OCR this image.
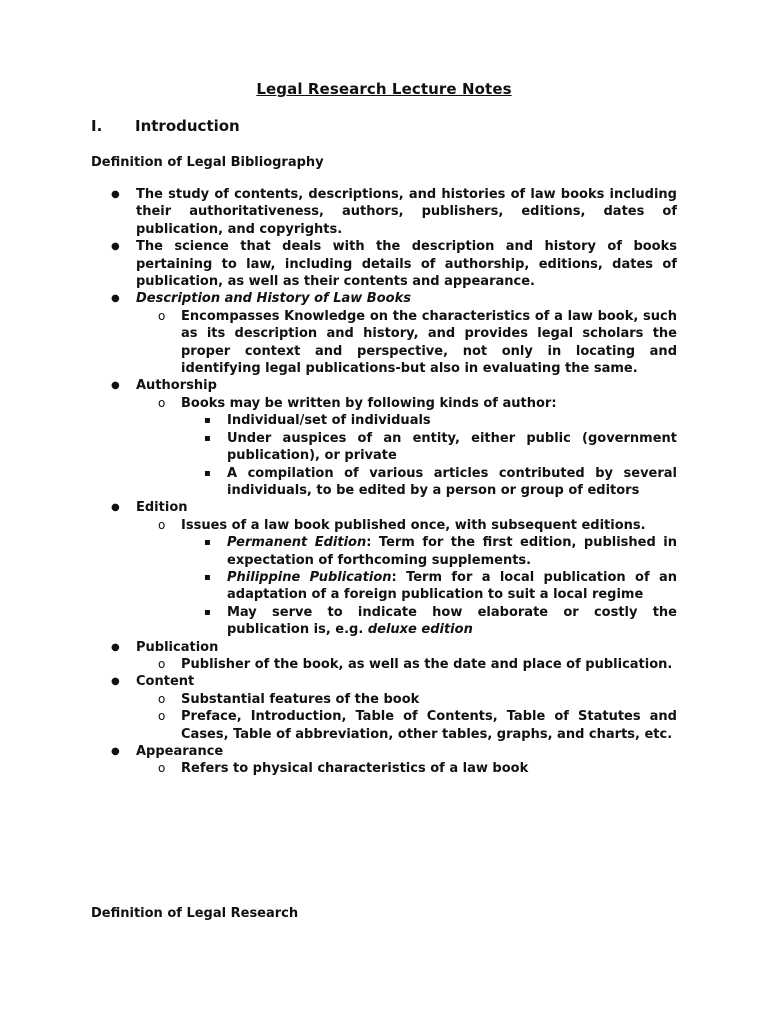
Legal Research Lecture Notes
I. Introduction
Definition of Legal Bibliography
● The study of contents, descriptions, and histories of law books including their authoritativeness, authors, publishers, editions, dates of publication, and copyrights.
● The science that deals with the description and history of books pertaining to law, including details of authorship, editions, dates of publication, as well as their contents and appearance.
● Description and History of Law Books
o Encompasses Knowledge on the characteristics of a law book, such as its description and history, and provides legal scholars the proper context and perspective, not only in locating and identifying legal publications-but also in evaluating the same.
● Authorship
o Books may be written by following kinds of author:
▪ Individual/set of individuals
▪ Under auspices of an entity, either public (government publication), or private
▪ A compilation of various articles contributed by several individuals, to be edited by a person or group of editors
● Edition
o Issues of a law book published once, with subsequent editions.
▪ Permanent Edition: Term for the first edition, published in expectation of forthcoming supplements.
▪ Philippine Publication: Term for a local publication of an adaptation of a foreign publication to suit a local regime
▪ May serve to indicate how elaborate or costly the publication is, e.g. deluxe edition
● Publication
o Publisher of the book, as well as the date and place of publication.
● Content
o Substantial features of the book
o Preface, Introduction, Table of Contents, Table of Statutes and Cases, Table of abbreviation, other tables, graphs, and charts, etc.
● Appearance
o Refers to physical characteristics of a law book
Definition of Legal Research
